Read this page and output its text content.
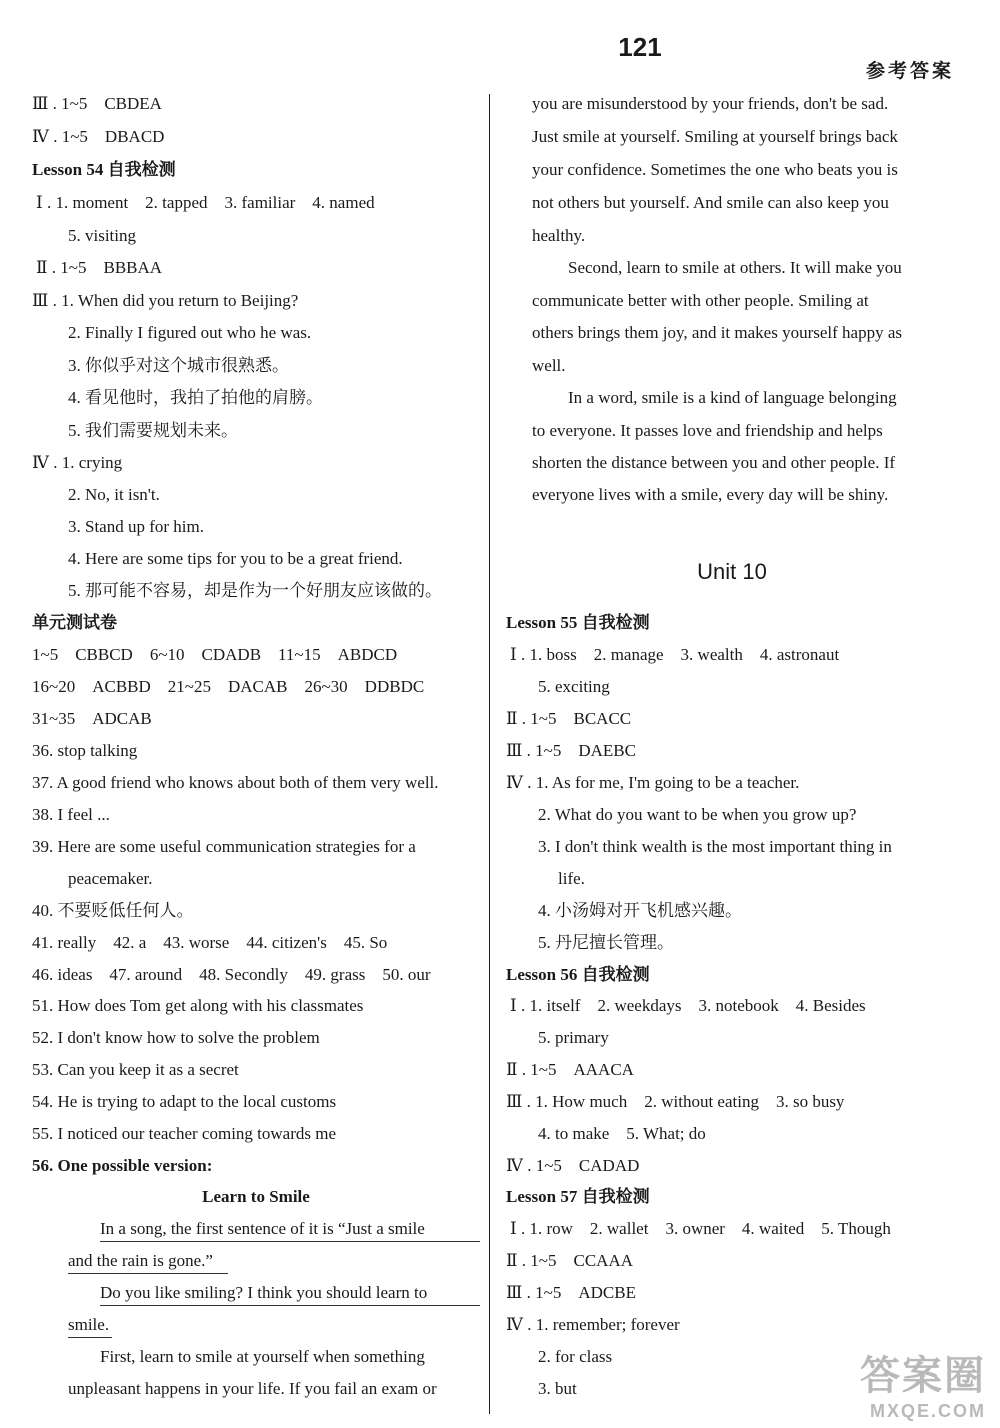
121
参考答案
Ⅲ . 1~5　CBDEA
Ⅳ . 1~5　DBACD
Lesson 54 自我检测
Ⅰ . 1. moment　2. tapped　3. familiar　4. named
5. visiting
Ⅱ . 1~5　BBBAA
Ⅲ . 1. When did you return to Beijing?
2. Finally I figured out who he was.
3. 你似乎对这个城市很熟悉。
4. 看见他时，我拍了拍他的肩膀。
5. 我们需要规划未来。
Ⅳ . 1. crying
2. No, it isn't.
3. Stand up for him.
4. Here are some tips for you to be a great friend.
5. 那可能不容易，却是作为一个好朋友应该做的。
单元测试卷
1~5　CBBCD　6~10　CDADB　11~15　ABDCD
16~20　ACBBD　21~25　DACAB　26~30　DDBDC
31~35　ADCAB
36. stop talking
37. A good friend who knows about both of them very well.
38. I feel ...
39. Here are some useful communication strategies for a
peacemaker.
40. 不要贬低任何人。
41. really　42. a　43. worse　44. citizen's　45. So
46. ideas　47. around　48. Secondly　49. grass　50. our
51. How does Tom get along with his classmates
52. I don't know how to solve the problem
53. Can you keep it as a secret
54. He is trying to adapt to the local customs
55. I noticed our teacher coming towards me
56. One possible version:
Learn to Smile
In a song, the first sentence of it is “Just a smile
and the rain is gone.”
Do you like smiling? I think you should learn to
smile.
First, learn to smile at yourself when something
unpleasant happens in your life. If you fail an exam or
you are misunderstood by your friends, don't be sad.
Just smile at yourself. Smiling at yourself brings back
your confidence. Sometimes the one who beats you is
not others but yourself. And smile can also keep you
healthy.
Second, learn to smile at others. It will make you
communicate better with other people. Smiling at
others brings them joy, and it makes yourself happy as
well.
In a word, smile is a kind of language belonging
to everyone. It passes love and friendship and helps
shorten the distance between you and other people. If
everyone lives with a smile, every day will be shiny.
Unit 10
Lesson 55 自我检测
Ⅰ . 1. boss　2. manage　3. wealth　4. astronaut
5. exciting
Ⅱ . 1~5　BCACC
Ⅲ . 1~5　DAEBC
Ⅳ . 1. As for me, I'm going to be a teacher.
2. What do you want to be when you grow up?
3. I don't think wealth is the most important thing in
life.
4. 小汤姆对开飞机感兴趣。
5. 丹尼擅长管理。
Lesson 56 自我检测
Ⅰ . 1. itself　2. weekdays　3. notebook　4. Besides
5. primary
Ⅱ . 1~5　AAACA
Ⅲ . 1. How much　2. without eating　3. so busy
4. to make　5. What; do
Ⅳ . 1~5　CADAD
Lesson 57 自我检测
Ⅰ . 1. row　2. wallet　3. owner　4. waited　5. Though
Ⅱ . 1~5　CCAAA
Ⅲ . 1~5　ADCBE
Ⅳ . 1. remember; forever
2. for class
3. but	答案圈
MXQE.COM
